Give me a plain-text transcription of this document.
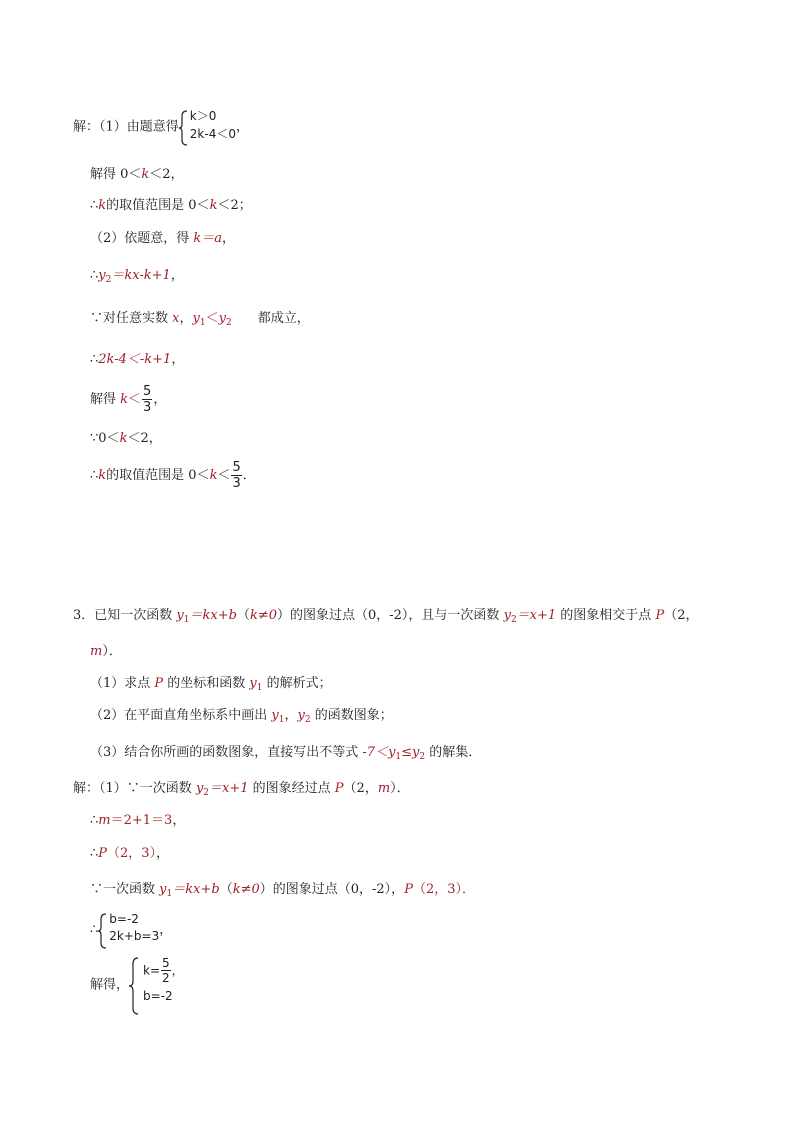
解：（1）由题意得
k＞0
2k-4＜0 ，
解得 0＜k＜2，
∴k的取值范围是 0＜k＜2；
（2）依题意，得 k＝a，
$\therefore y_2=kx-k+1$，
∵对任意实数 x，$y_1<y_2$ 都成立，
∴2k-4＜-k+1，
解得 $k< \frac{5}{3}$ ，
∵0＜k＜2，
∴k的取值范围是 $0<k< \frac{5}{3}$ ．
3．已知一次函数 $y_1=kx+b(k\ne 0)$的图象过点（0，-2），且与一次函数 $y_2=x+1$ 的图象相交于点 P（2，
m）．
（1）求点 P 的坐标和函数 $y_1$ 的解析式；
（2）在平面直角坐标系中画出 $y_1$，$y_2$ 的函数图象；
（3）结合你所画的函数图象，直接写出不等式 $-7<y_1\le y_2$ 的解集．
解：（1）∵一次函数 $y_2=x+1$ 的图象经过点 P（2，m）．
∴m＝2+1＝3，
∴P（2，3），
∵一次函数 $y_1=kx+b(k\ne 0)$的图象过点（0，-2），P（2，3）．
∴
b=-2
2k+b=3 ，
解得，
$k= \frac{5}{2}$ ，
b=-2
